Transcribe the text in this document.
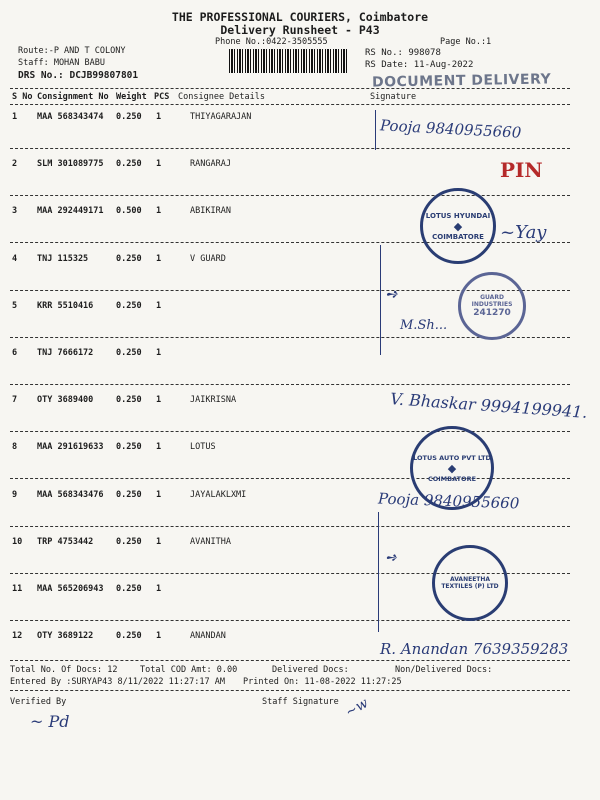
THE PROFESSIONAL COURIERS, Coimbatore
Delivery Runsheet - P43
Phone No.:0422-3505555	Page No.:1
Route:-P AND T COLONY
Staff: MOHAN BABU
DRS No.: DCJB99807801
RS No.: 998078
RS Date: 11-Aug-2022
DOCUMENT DELIVERY
S No Consignment No Weight PCS Consignee Details	Signature
1 MAA 568343474 0.250 1	THIYAGARAJAN
2 SLM 301089775 0.250 1	RANGARAJ
3 MAA 292449171 0.500 1	ABIKIRAN
4 TNJ 115325	0.250 1	V GUARD
5 KRR 5510416	0.250 1
6 TNJ 7666172	0.250 1
7 OTY 3689400	0.250 1	JAIKRISNA
8 MAA 291619633 0.250 1	LOTUS
9 MAA 568343476 0.250 1	JAYALAKLXMI
10 TRP 4753442	0.250 1	AVANITHA
11 MAA 565206943 0.250 1
12 OTY 3689122	0.250 1	ANANDAN
Pooja 9840955660
PIN
LOTUS HYUNDAI
◆
COIMBATORE ~Yay
➺	GUARD INDUSTRIES
241270
M.Sh...
V. Bhaskar 9994199941.
LOTUS AUTO PVT LTD
◆
COIMBATORE
Pooja 9840955660
➺
AVANEETHA TEXTILES (P) LTD
R. Anandan 7639359283
Total No. Of Docs: 12	Total COD Amt: 0.00	Delivered Docs:	Non/Delivered Docs:
Entered By :SURYAP43 8/11/2022 11:27:17 AM Printed On: 11-08-2022 11:27:25
Verified By	Staff Signature
~ Pd
~w
